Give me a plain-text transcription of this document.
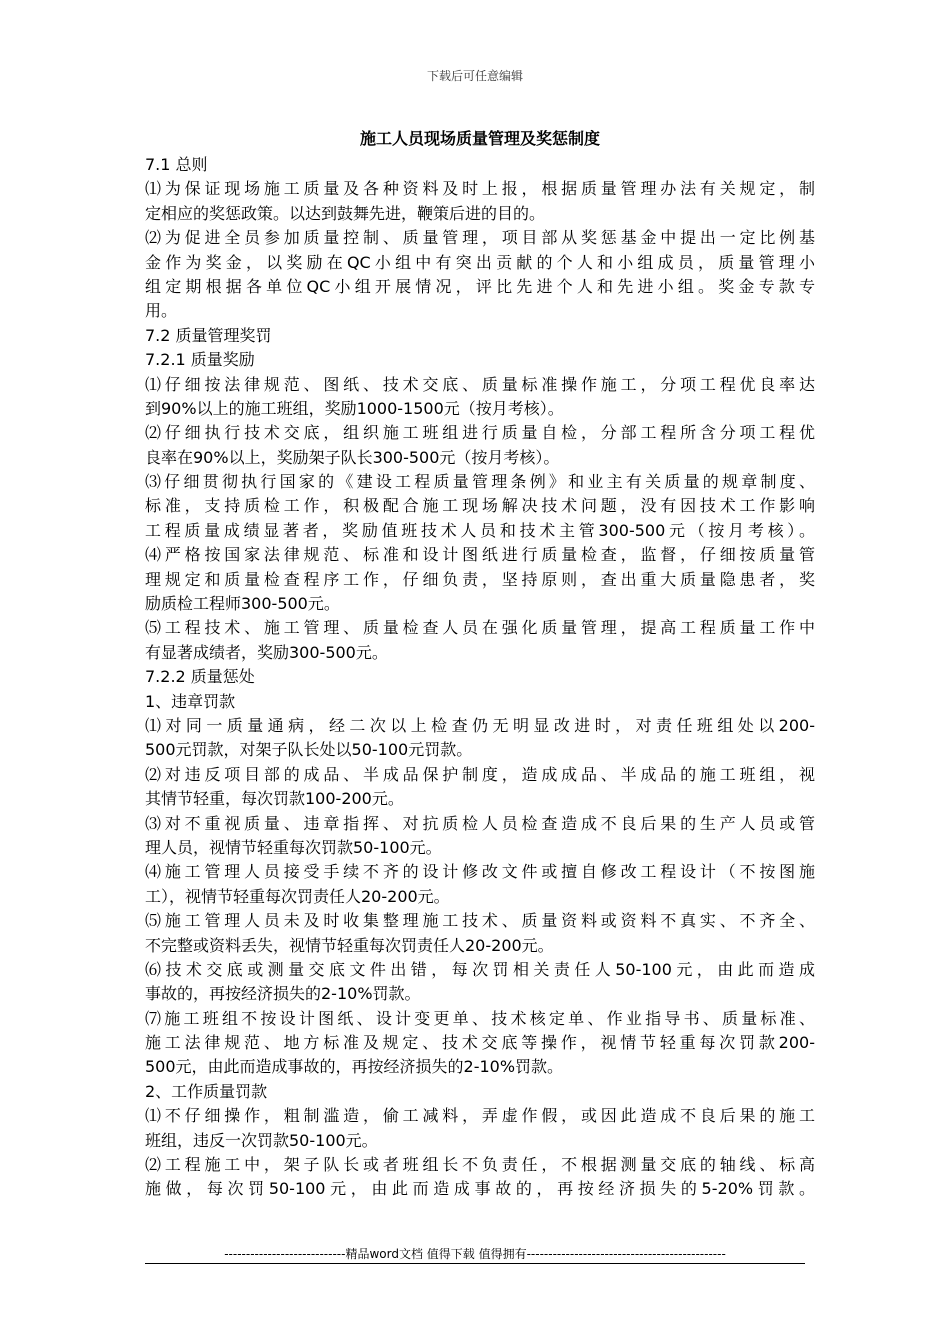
下载后可任意编辑
施工人员现场质量管理及奖惩制度
7.1 总则
⑴为保证现场施工质量及各种资料及时上报，根据质量管理办法有关规定，制
定相应的奖惩政策。以达到鼓舞先进，鞭策后进的目的。
⑵为促进全员参加质量控制、质量管理，项目部从奖惩基金中提出一定比例基
金作为奖金，以奖励在QC小组中有突出贡献的个人和小组成员，质量管理小
组定期根据各单位QC小组开展情况，评比先进个人和先进小组。奖金专款专
用。
7.2 质量管理奖罚
7.2.1 质量奖励
⑴仔细按法律规范、图纸、技术交底、质量标准操作施工，分项工程优良率达
到90%以上的施工班组，奖励1000-1500元（按月考核）。
⑵仔细执行技术交底，组织施工班组进行质量自检，分部工程所含分项工程优
良率在90%以上，奖励架子队长300-500元（按月考核）。
⑶仔细贯彻执行国家的《建设工程质量管理条例》和业主有关质量的规章制度、
标准，支持质检工作，积极配合施工现场解决技术问题，没有因技术工作影响
工程质量成绩显著者，奖励值班技术人员和技术主管300-500元（按月考核）。
⑷严格按国家法律规范、标准和设计图纸进行质量检查，监督，仔细按质量管
理规定和质量检查程序工作，仔细负责，坚持原则，查出重大质量隐患者，奖
励质检工程师300-500元。
⑸工程技术、施工管理、质量检查人员在强化质量管理，提高工程质量工作中
有显著成绩者，奖励300-500元。
7.2.2 质量惩处
1、违章罚款
⑴对同一质量通病，经二次以上检查仍无明显改进时，对责任班组处以200-
500元罚款，对架子队长处以50-100元罚款。
⑵对违反项目部的成品、半成品保护制度，造成成品、半成品的施工班组，视
其情节轻重，每次罚款100-200元。
⑶对不重视质量、违章指挥、对抗质检人员检查造成不良后果的生产人员或管
理人员，视情节轻重每次罚款50-100元。
⑷施工管理人员接受手续不齐的设计修改文件或擅自修改工程设计（不按图施
工），视情节轻重每次罚责任人20-200元。
⑸施工管理人员未及时收集整理施工技术、质量资料或资料不真实、不齐全、
不完整或资料丢失，视情节轻重每次罚责任人20-200元。
⑹技术交底或测量交底文件出错，每次罚相关责任人50-100元，由此而造成
事故的，再按经济损失的2-10%罚款。
⑺施工班组不按设计图纸、设计变更单、技术核定单、作业指导书、质量标准、
施工法律规范、地方标准及规定、技术交底等操作，视情节轻重每次罚款200-
500元，由此而造成事故的，再按经济损失的2-10%罚款。
2、工作质量罚款
⑴不仔细操作，粗制滥造，偷工减料，弄虚作假，或因此造成不良后果的施工
班组，违反一次罚款50-100元。
⑵工程施工中，架子队长或者班组长不负责任，不根据测量交底的轴线、标高
施做，每次罚50-100元，由此而造成事故的，再按经济损失的5-20%罚款。
----------------------------精品word文档 值得下载 值得拥有----------------------------------------------
